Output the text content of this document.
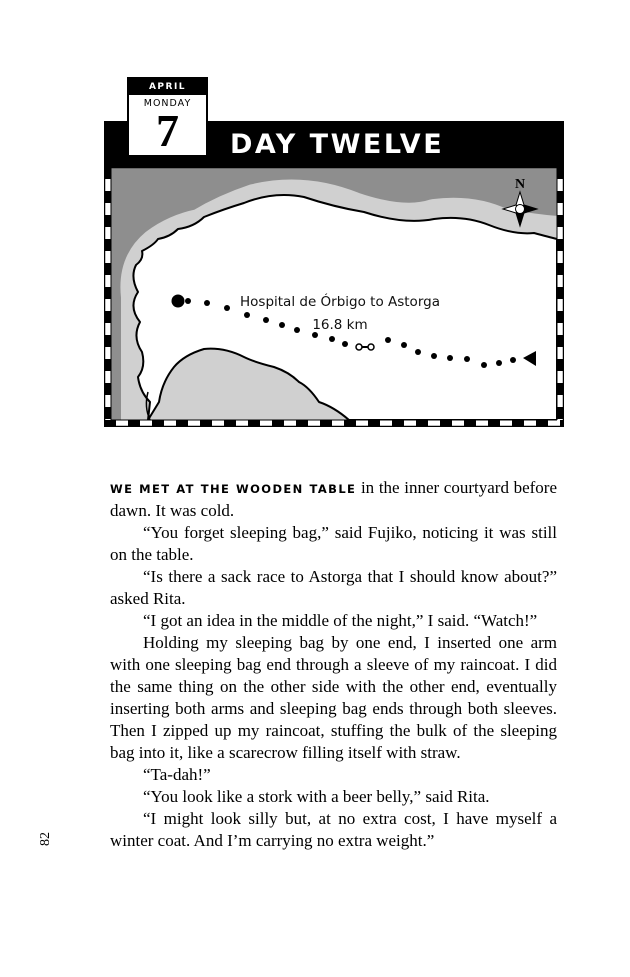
DAY TWELVE
APRIL
MONDAY
7
N
Hospital de Órbigo to Astorga
16.8 km

WE MET AT THE WOODEN TABLE in the inner courtyard before dawn. It was cold.

“You forget sleeping bag,” said Fujiko, noticing it was still on the table.

“Is there a sack race to Astorga that I should know about?” asked Rita.

“I got an idea in the middle of the night,” I said. “Watch!”

Holding my sleeping bag by one end, I inserted one arm with one sleeping bag end through a sleeve of my raincoat. I did the same thing on the other side with the other end, eventually inserting both arms and sleeping bag ends through both sleeves. Then I zipped up my raincoat, stuffing the bulk of the sleeping bag into it, like a scarecrow filling itself with straw.

“Ta-dah!”

“You look like a stork with a beer belly,” said Rita.

“I might look silly but, at no extra cost, I have myself a winter coat. And I’m carrying no extra weight.”

82
